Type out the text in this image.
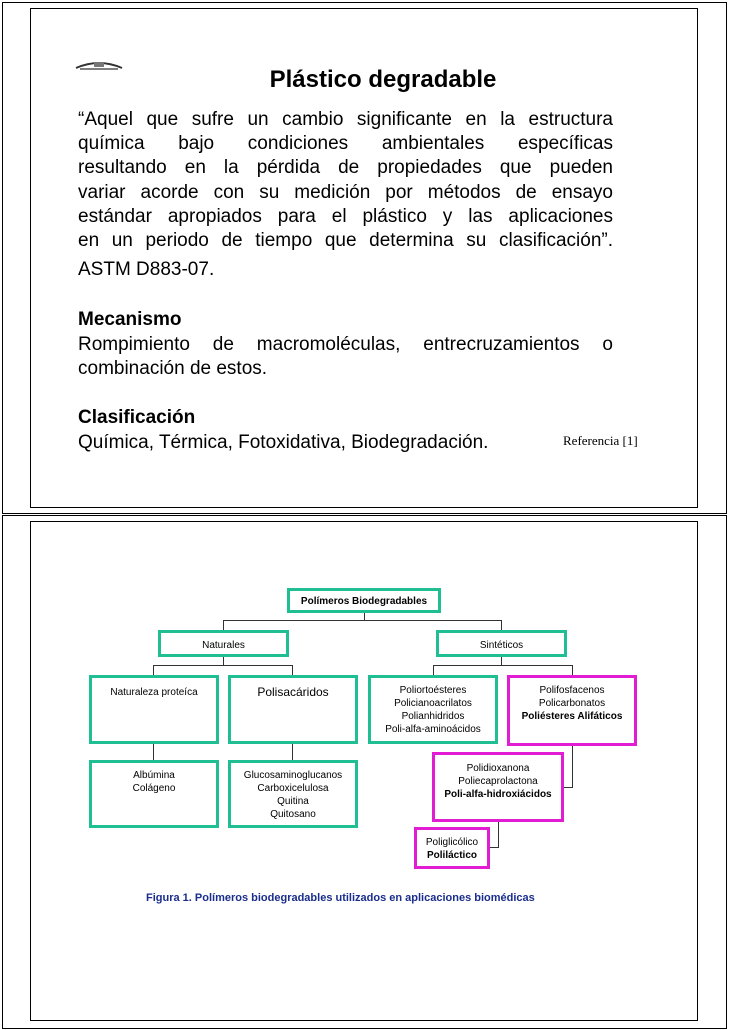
Plástico degradable
“Aquel que sufre un cambio significante en la estructura
química bajo condiciones ambientales específicas
resultando en la pérdida de propiedades que pueden
variar acorde con su medición por métodos de ensayo
estándar apropiados para el plástico y las aplicaciones
en un periodo de tiempo que determina su clasificación”.
ASTM D883-07.
Mecanismo

Rompimiento de macromoléculas, entrecruzamientos o combinación de estos.

Clasificación

Química, Térmica, Fotoxidativa, Biodegradación.	Referencia [1]
Polímeros Biodegradables
Naturales	Sintéticos
Naturaleza proteíca	Polisacáridos	Poliortoésteres
Policianoacrilatos
Polianhidridos
Poli-alfa-aminoácidos
Polifosfacenos
Policarbonatos
Poliésteres Alifáticos
Albúmina
Colágeno
Glucosaminoglucanos
Carboxicelulosa
Quitina
Quitosano
Polidioxanona
Poliecaprolactona
Poli-alfa-hidroxiácidos
Poliglicólico
Poliláctico
Figura 1. Polímeros biodegradables utilizados en aplicaciones biomédicas
